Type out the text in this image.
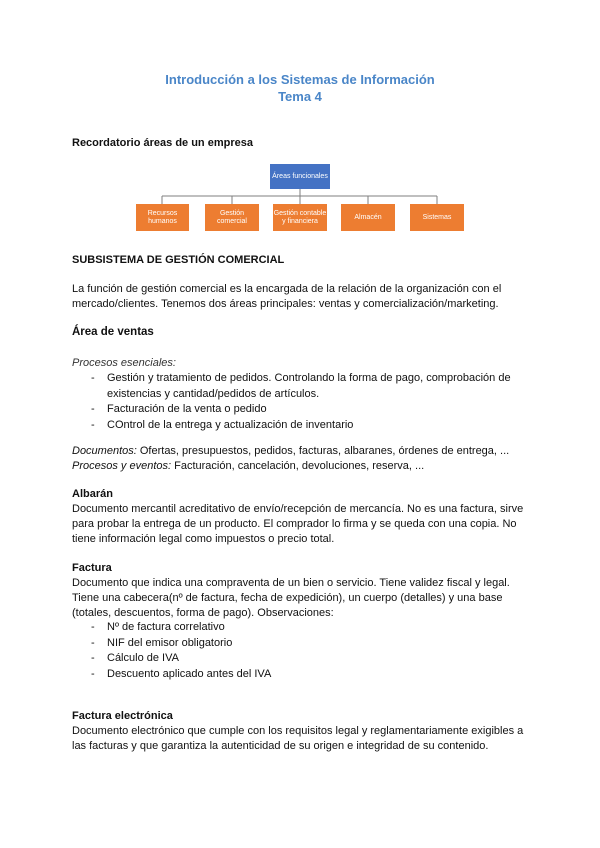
Introducción a los Sistemas de Información
Tema 4
Recordatorio áreas de un empresa
Áreas funcionales
Recursos humanos
Gestión comercial
Gestión contable y financiera
Almacén	Sistemas
SUBSISTEMA DE GESTIÓN COMERCIAL
La función de gestión comercial es la encargada de la relación de la organización con el
mercado/clientes. Tenemos dos áreas principales: ventas y comercialización/marketing.
Área de ventas
Procesos esenciales:
- Gestión y tratamiento de pedidos. Controlando la forma de pago, comprobación de
existencias y cantidad/pedidos de artículos.
- Facturación de la venta o pedido
- COntrol de la entrega y actualización de inventario
Documentos: Ofertas, presupuestos, pedidos, facturas, albaranes, órdenes de entrega, ...
Procesos y eventos: Facturación, cancelación, devoluciones, reserva, ...
Albarán
Documento mercantil acreditativo de envío/recepción de mercancía. No es una factura, sirve
para probar la entrega de un producto. El comprador lo firma y se queda con una copia. No
tiene información legal como impuestos o precio total.
Factura
Documento que indica una compraventa de un bien o servicio. Tiene validez fiscal y legal.
Tiene una cabecera(nº de factura, fecha de expedición), un cuerpo (detalles) y una base
(totales, descuentos, forma de pago). Observaciones:
- Nº de factura correlativo
- NIF del emisor obligatorio
- Cálculo de IVA
- Descuento aplicado antes del IVA
Factura electrónica
Documento electrónico que cumple con los requisitos legal y reglamentariamente exigibles a
las facturas y que garantiza la autenticidad de su origen e integridad de su contenido.
